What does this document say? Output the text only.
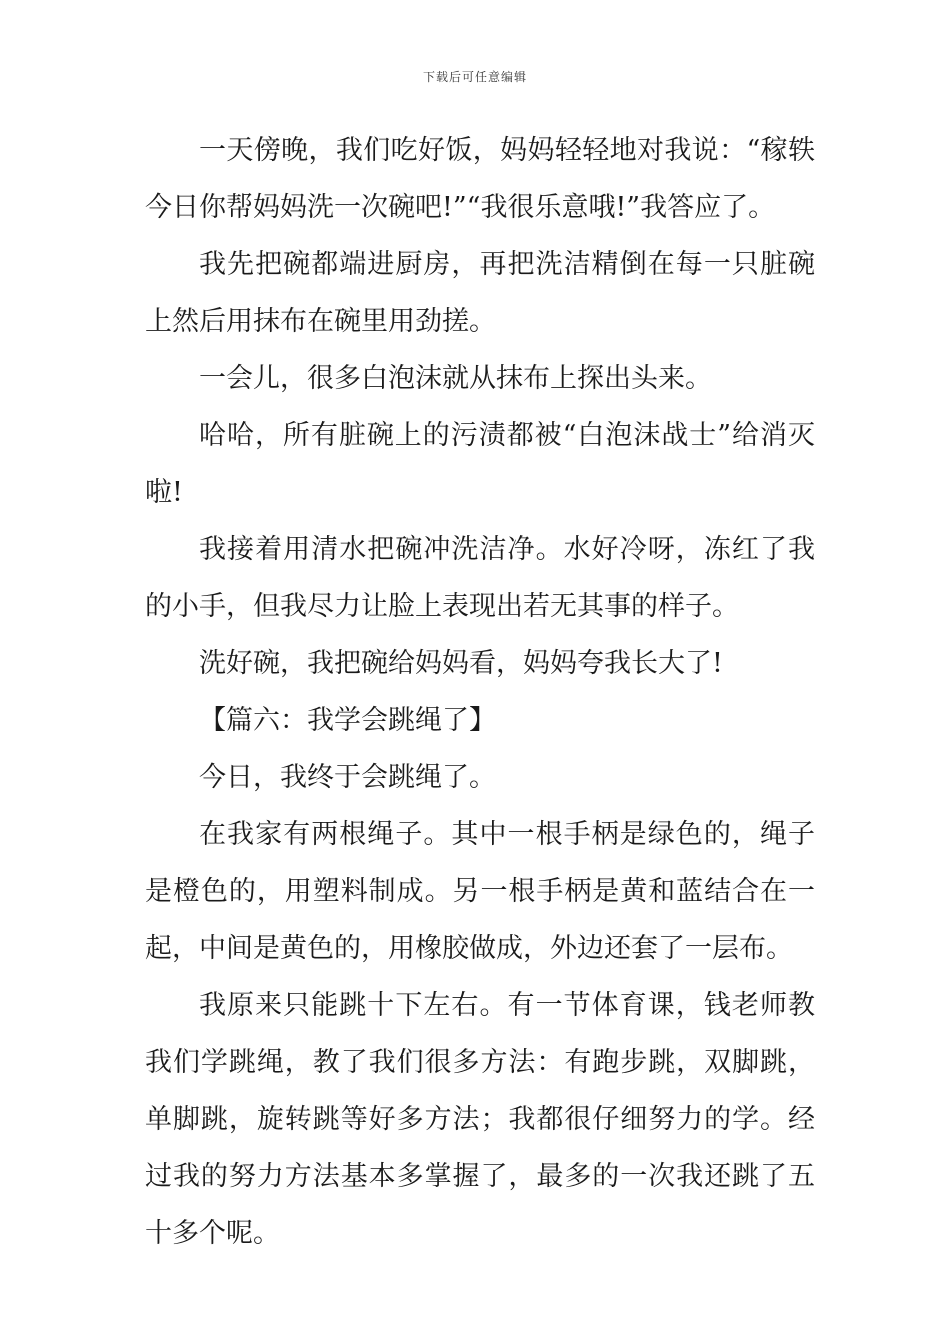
下载后可任意编辑

一天傍晚，我们吃好饭，妈妈轻轻地对我说：“稼轶今日你帮妈妈洗一次碗吧!”“我很乐意哦!”我答应了。

我先把碗都端进厨房，再把洗洁精倒在每一只脏碗上然后用抹布在碗里用劲搓。

一会儿，很多白泡沫就从抹布上探出头来。

哈哈，所有脏碗上的污渍都被“白泡沫战士”给消灭啦!

我接着用清水把碗冲洗洁净。水好冷呀，冻红了我的小手，但我尽力让脸上表现出若无其事的样子。

洗好碗，我把碗给妈妈看，妈妈夸我长大了!

【篇六：我学会跳绳了】

今日，我终于会跳绳了。

在我家有两根绳子。其中一根手柄是绿色的，绳子是橙色的，用塑料制成。另一根手柄是黄和蓝结合在一起，中间是黄色的，用橡胶做成，外边还套了一层布。

我原来只能跳十下左右。有一节体育课，钱老师教我们学跳绳，教了我们很多方法：有跑步跳，双脚跳，单脚跳，旋转跳等好多方法；我都很仔细努力的学。经过我的努力方法基本多掌握了，最多的一次我还跳了五十多个呢。
